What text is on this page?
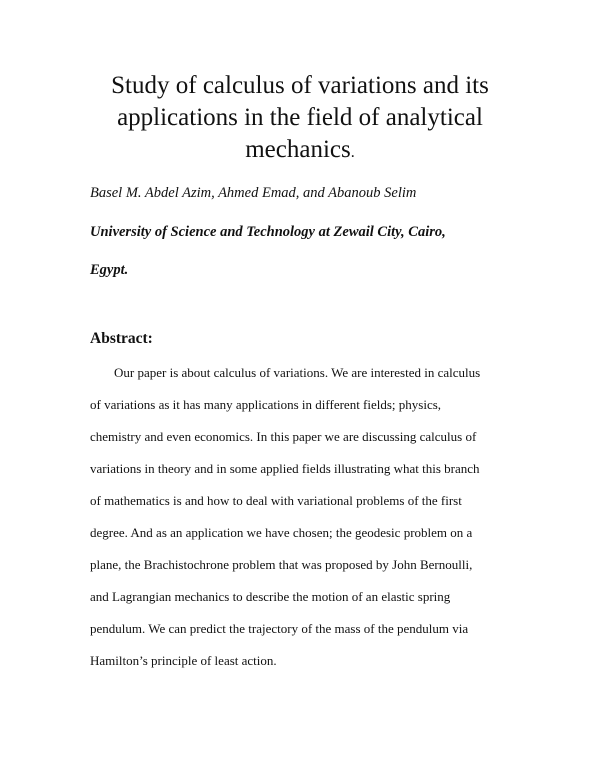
Study of calculus of variations and its
applications in the field of analytical
mechanics.
Basel M. Abdel Azim, Ahmed Emad, and Abanoub Selim
University of Science and Technology at Zewail City, Cairo,
Egypt.
Abstract:
Our paper is about calculus of variations. We are interested in calculus
of variations as it has many applications in different fields; physics,
chemistry and even economics. In this paper we are discussing calculus of
variations in theory and in some applied fields illustrating what this branch
of mathematics is and how to deal with variational problems of the first
degree. And as an application we have chosen; the geodesic problem on a
plane, the Brachistochrone problem that was proposed by John Bernoulli,
and Lagrangian mechanics to describe the motion of an elastic spring
pendulum. We can predict the trajectory of the mass of the pendulum via
Hamilton’s principle of least action.
